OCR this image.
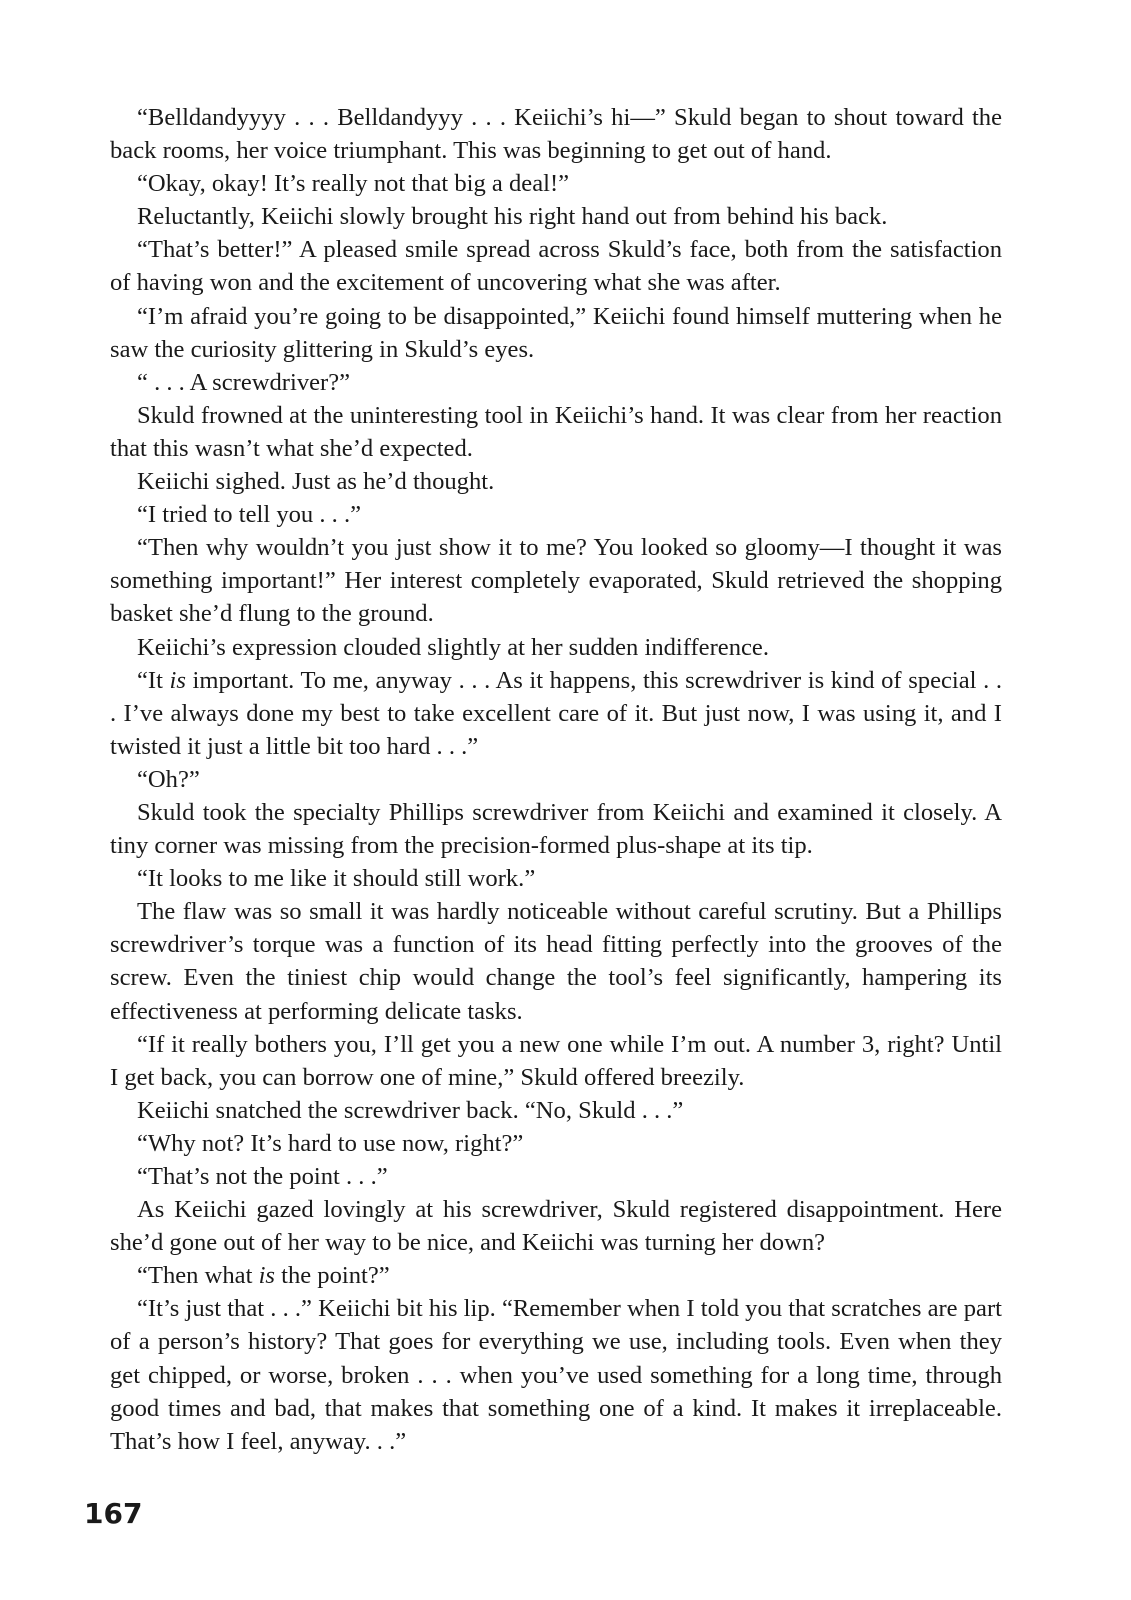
“Belldandyyyy . . . Belldandyyy . . . Keiichi’s hi—” Skuld began to shout toward the back rooms, her voice triumphant. This was beginning to get out of hand.

“Okay, okay! It’s really not that big a deal!”

Reluctantly, Keiichi slowly brought his right hand out from behind his back.

“That’s better!” A pleased smile spread across Skuld’s face, both from the satisfaction of having won and the excitement of uncovering what she was after.

“I’m afraid you’re going to be disappointed,” Keiichi found himself muttering when he saw the curiosity glittering in Skuld’s eyes.

“ . . . A screwdriver?”

Skuld frowned at the uninteresting tool in Keiichi’s hand. It was clear from her reaction that this wasn’t what she’d expected.

Keiichi sighed. Just as he’d thought.

“I tried to tell you . . .”

“Then why wouldn’t you just show it to me? You looked so gloomy—I thought it was something important!” Her interest completely evaporated, Skuld retrieved the shopping basket she’d flung to the ground.

Keiichi’s expression clouded slightly at her sudden indifference.

“It is important. To me, anyway . . . As it happens, this screwdriver is kind of special . . . I’ve always done my best to take excellent care of it. But just now, I was using it, and I twisted it just a little bit too hard . . .”

“Oh?”

Skuld took the specialty Phillips screwdriver from Keiichi and examined it closely. A tiny corner was missing from the precision-formed plus-shape at its tip.

“It looks to me like it should still work.”

The flaw was so small it was hardly noticeable without careful scrutiny. But a Phillips screwdriver’s torque was a function of its head fitting perfectly into the grooves of the screw. Even the tiniest chip would change the tool’s feel significantly, hampering its effectiveness at performing delicate tasks.

“If it really bothers you, I’ll get you a new one while I’m out. A number 3, right? Until I get back, you can borrow one of mine,” Skuld offered breezily.

Keiichi snatched the screwdriver back. “No, Skuld . . .”

“Why not? It’s hard to use now, right?”

“That’s not the point . . .”

As Keiichi gazed lovingly at his screwdriver, Skuld registered disappointment. Here she’d gone out of her way to be nice, and Keiichi was turning her down?

“Then what is the point?”

“It’s just that . . .” Keiichi bit his lip. “Remember when I told you that scratches are part of a person’s history? That goes for everything we use, including tools. Even when they get chipped, or worse, broken . . . when you’ve used something for a long time, through good times and bad, that makes that something one of a kind. It makes it irreplaceable. That’s how I feel, anyway. . .”

167
